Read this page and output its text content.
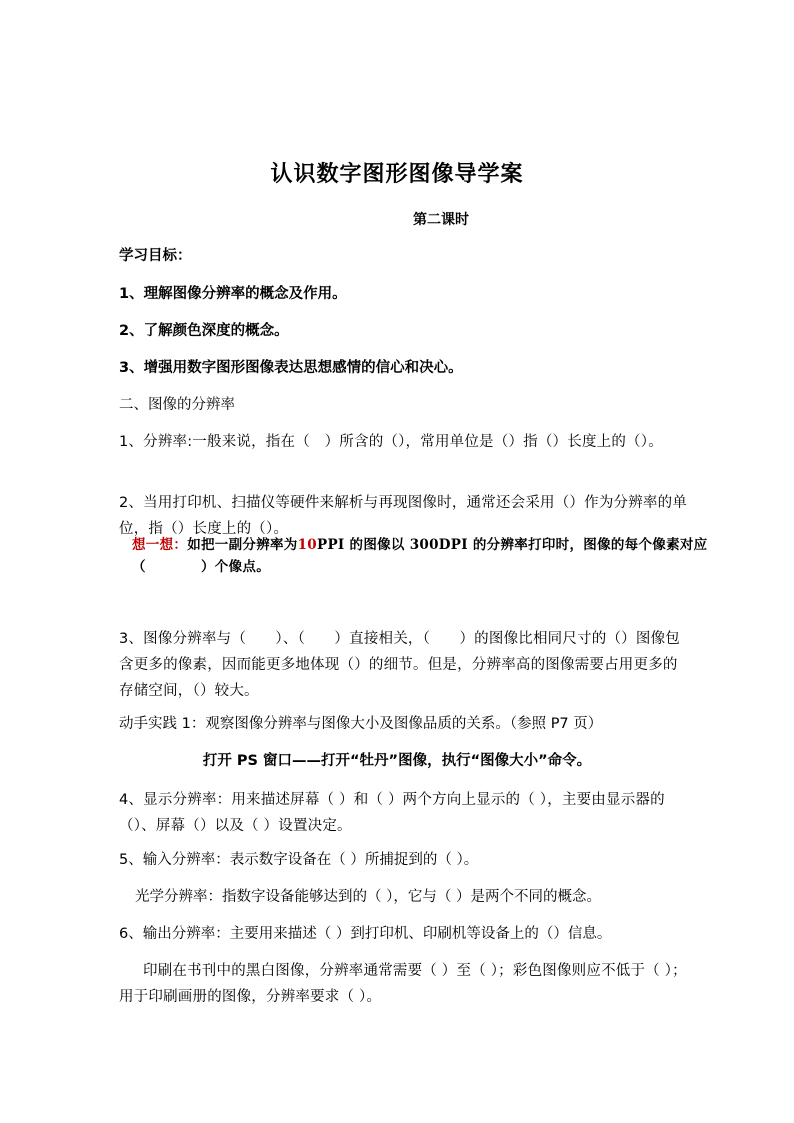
认识数字图形图像导学案
第二课时
学习目标：
1、理解图像分辨率的概念及作用。
2、了解颜色深度的概念。
3、增强用数字图形图像表达思想感情的信心和决心。
二、图像的分辨率
1、分辨率:一般来说，指在（　）所含的（），常用单位是（）指（）长度上的（）。
2、当用打印机、扫描仪等硬件来解析与再现图像时，通常还会采用（）作为分辨率的单位，指（）长度上的（）。
想一想：如把一副分辨率为10PPI 的图像以 300DPI 的分辨率打印时，图像的每个像素对应　（　　　　）个像点。
3、图像分辨率与（　　）、（　　）直接相关，（　　）的图像比相同尺寸的（）图像包含更多的像素，因而能更多地体现（）的细节。但是，分辨率高的图像需要占用更多的存储空间，（）较大。
动手实践 1：观察图像分辨率与图像大小及图像品质的关系。（参照 P7 页）
打开 PS 窗口——打开“牡丹”图像，执行“图像大小”命令。
4、显示分辨率：用来描述屏幕（ ）和（ ）两个方向上显示的（ ），主要由显示器的（）、屏幕（）以及（ ）设置决定。
5、输入分辨率：表示数字设备在（ ）所捕捉到的（ ）。
光学分辨率：指数字设备能够达到的（ ），它与（ ）是两个不同的概念。
6、输出分辨率：主要用来描述（ ）到打印机、印刷机等设备上的（）信息。
印刷在书刊中的黑白图像，分辨率通常需要（ ）至（ ）；彩色图像则应不低于（ ）；用于印刷画册的图像，分辨率要求（ ）。
